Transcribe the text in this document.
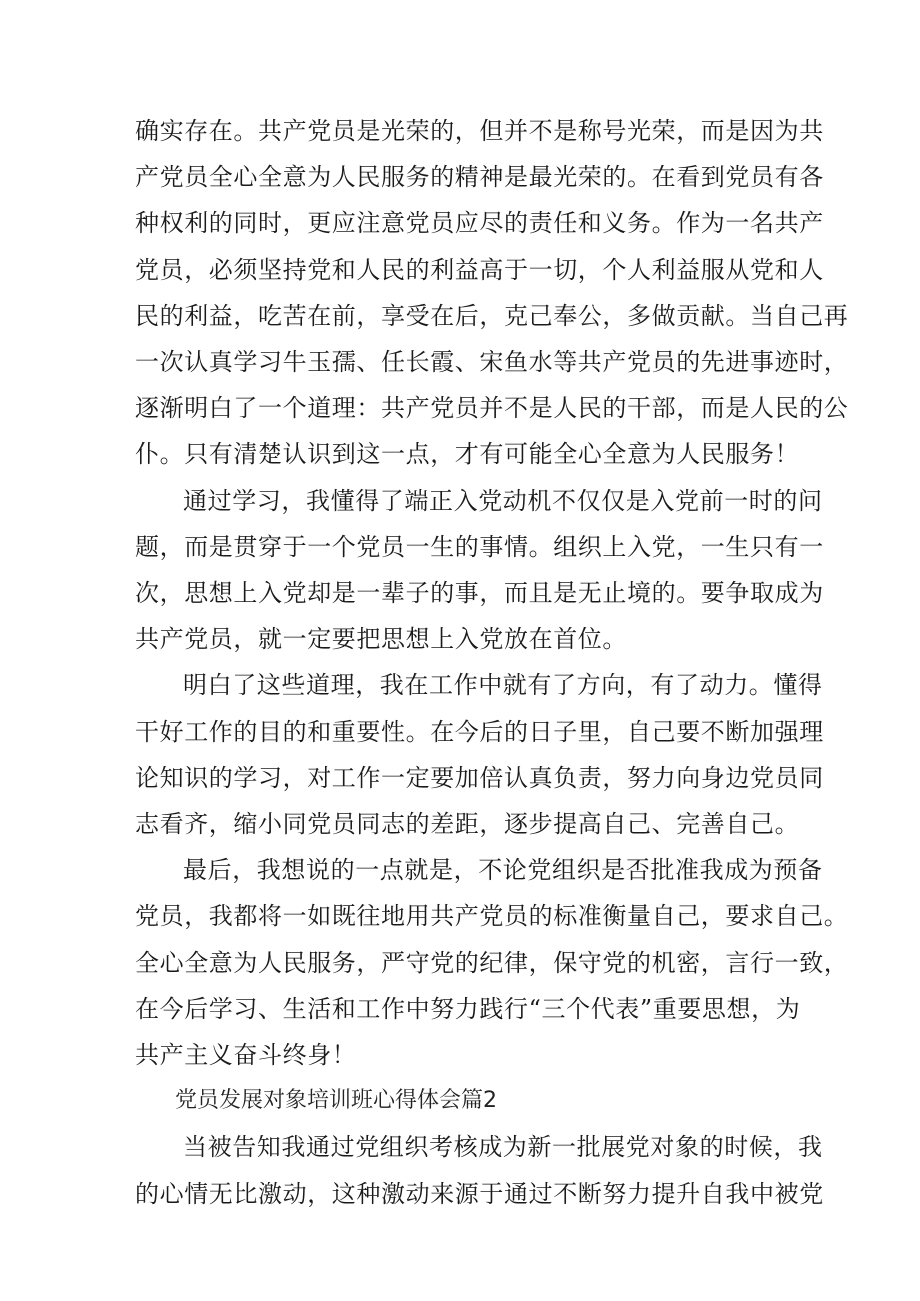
确实存在。共产党员是光荣的，但并不是称号光荣，而是因为共
产党员全心全意为人民服务的精神是最光荣的。在看到党员有各
种权利的同时，更应注意党员应尽的责任和义务。作为一名共产
党员，必须坚持党和人民的利益高于一切，个人利益服从党和人
民的利益，吃苦在前，享受在后，克己奉公，多做贡献。当自己再
一次认真学习牛玉孺、任长霞、宋鱼水等共产党员的先进事迹时，
逐渐明白了一个道理：共产党员并不是人民的干部，而是人民的公
仆。只有清楚认识到这一点，才有可能全心全意为人民服务！

通过学习，我懂得了端正入党动机不仅仅是入党前一时的问
题，而是贯穿于一个党员一生的事情。组织上入党，一生只有一
次，思想上入党却是一辈子的事，而且是无止境的。要争取成为
共产党员，就一定要把思想上入党放在首位。

明白了这些道理，我在工作中就有了方向，有了动力。懂得
干好工作的目的和重要性。在今后的日子里，自己要不断加强理
论知识的学习，对工作一定要加倍认真负责，努力向身边党员同
志看齐，缩小同党员同志的差距，逐步提高自己、完善自己。

最后，我想说的一点就是，不论党组织是否批准我成为预备
党员，我都将一如既往地用共产党员的标准衡量自己，要求自己。
全心全意为人民服务，严守党的纪律，保守党的机密，言行一致，
在今后学习、生活和工作中努力践行“三个代表”重要思想，为
共产主义奋斗终身！

党员发展对象培训班心得体会篇2

当被告知我通过党组织考核成为新一批展党对象的时候，我
的心情无比激动，这种激动来源于通过不断努力提升自我中被党
